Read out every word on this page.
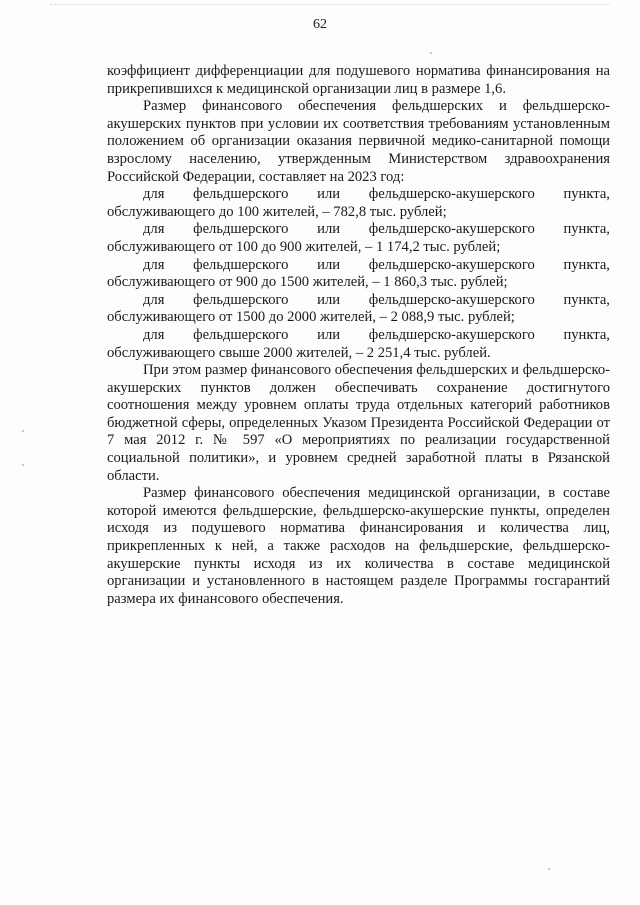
62

коэффициент дифференциации для подушевого норматива финансирования на прикрепившихся к медицинской организации лиц в размере 1,6.

Размер финансового обеспечения фельдшерских и фельдшерско-акушерских пунктов при условии их соответствия требованиям установленным положением об организации оказания первичной медико-санитарной помощи взрослому населению, утвержденным Министерством здравоохранения Российской Федерации, составляет на 2023 год:

для фельдшерского или фельдшерско-акушерского пункта,
обслуживающего до 100 жителей, – 782,8 тыс. рублей;
для фельдшерского или фельдшерско-акушерского пункта,
обслуживающего от 100 до 900 жителей, – 1 174,2 тыс. рублей;
для фельдшерского или фельдшерско-акушерского пункта,
обслуживающего от 900 до 1500 жителей, – 1 860,3 тыс. рублей;
для фельдшерского или фельдшерско-акушерского пункта,
обслуживающего от 1500 до 2000 жителей, – 2 088,9 тыс. рублей;
для фельдшерского или фельдшерско-акушерского пункта,
обслуживающего свыше 2000 жителей, – 2 251,4 тыс. рублей.

При этом размер финансового обеспечения фельдшерских и фельдшерско-акушерских пунктов должен обеспечивать сохранение достигнутого соотношения между уровнем оплаты труда отдельных категорий работников бюджетной сферы, определенных Указом Президента Российской Федерации от 7 мая 2012 г. № 597 «О мероприятиях по реализации государственной социальной политики», и уровнем средней заработной платы в Рязанской области.

Размер финансового обеспечения медицинской организации, в составе которой имеются фельдшерские, фельдшерско-акушерские пункты, определен исходя из подушевого норматива финансирования и количества лиц, прикрепленных к ней, а также расходов на фельдшерские, фельдшерско-акушерские пункты исходя из их количества в составе медицинской организации и установленного в настоящем разделе Программы госгарантий размера их финансового обеспечения.
